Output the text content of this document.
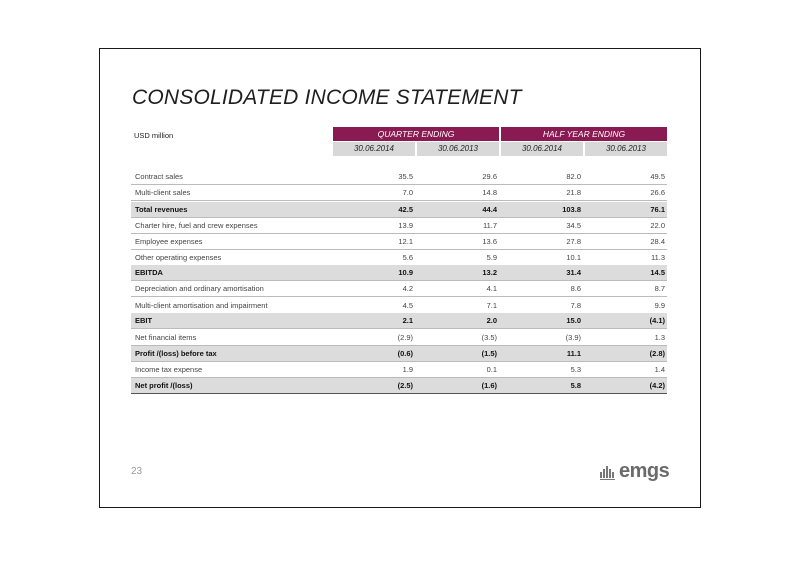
CONSOLIDATED INCOME STATEMENT
USD million	QUARTER ENDING	HALF YEAR ENDING
30.06.2014	30.06.2013	30.06.2014	30.06.2013
Contract sales	35.5	29.6	82.0	49.5
Multi-client sales	7.0	14.8	21.8	26.6
Total revenues	42.5	44.4	103.8	76.1
Charter hire, fuel and crew expenses	13.9	11.7	34.5	22.0
Employee expenses	12.1	13.6	27.8	28.4
Other operating expenses	5.6	5.9	10.1	11.3
EBITDA	10.9	13.2	31.4	14.5
Depreciation and ordinary amortisation	4.2	4.1	8.6	8.7
Multi-client amortisation and impairment	4.5	7.1	7.8	9.9
EBIT	2.1	2.0	15.0	(4.1)
Net financial items	(2.9)	(3.5)	(3.9)	1.3
Profit /(loss) before tax	(0.6)	(1.5)	11.1	(2.8)
Income tax expense	1.9	0.1	5.3	1.4
Net profit /(loss)	(2.5)	(1.6)	5.8	(4.2)
23	emgs
